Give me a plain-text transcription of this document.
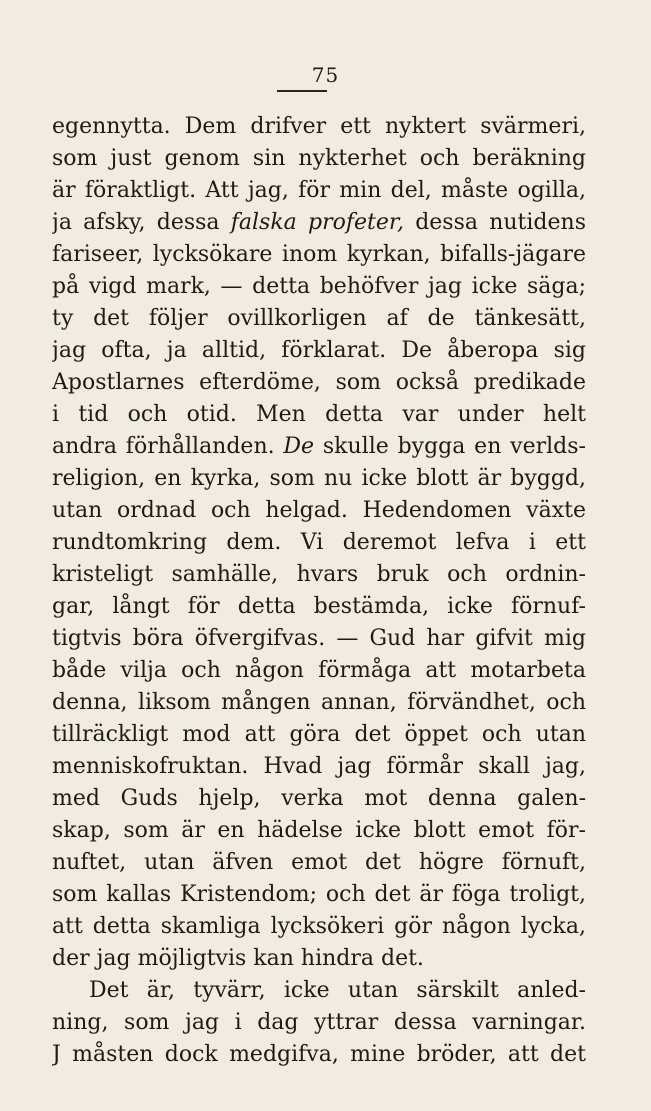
75
egennytta. Dem drifver ett nyktert svärmeri,
som just genom sin nykterhet och beräkning
är föraktligt. Att jag, för min del, måste ogilla,
ja afsky, dessa falska profeter, dessa nutidens
fariseer, lycksökare inom kyrkan, bifalls-jägare
på vigd mark, — detta behöfver jag icke säga;
ty det följer ovillkorligen af de tänkesätt,
jag ofta, ja alltid, förklarat. De åberopa sig
Apostlarnes efterdöme, som också predikade
i tid och otid. Men detta var under helt
andra förhållanden. De skulle bygga en verlds-
religion, en kyrka, som nu icke blott är byggd,
utan ordnad och helgad. Hedendomen växte
rundtomkring dem. Vi deremot lefva i ett
kristeligt samhälle, hvars bruk och ordnin-
gar, långt för detta bestämda, icke förnuf-
tigtvis böra öfvergifvas. — Gud har gifvit mig
både vilja och någon förmåga att motarbeta
denna, liksom mången annan, förvändhet, och
tillräckligt mod att göra det öppet och utan
menniskofruktan. Hvad jag förmår skall jag,
med Guds hjelp, verka mot denna galen-
skap, som är en hädelse icke blott emot för-
nuftet, utan äfven emot det högre förnuft,
som kallas Kristendom; och det är föga troligt,
att detta skamliga lycksökeri gör någon lycka,
der jag möjligtvis kan hindra det.
Det är, tyvärr, icke utan särskilt anled-
ning, som jag i dag yttrar dessa varningar.
J måsten dock medgifva, mine bröder, att det
